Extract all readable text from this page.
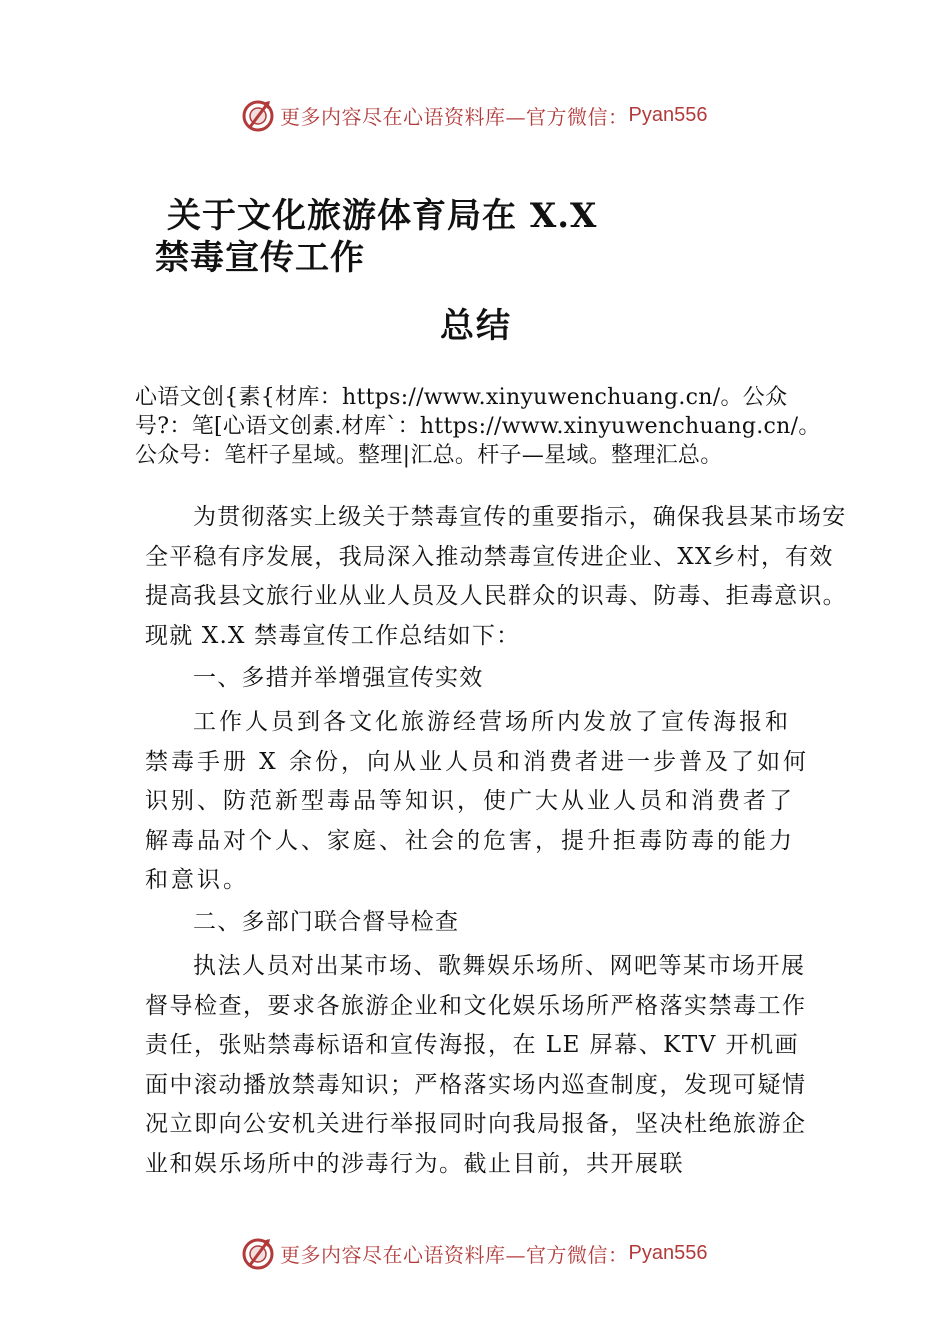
更多内容尽在心语资料库—官方微信： Pyan556
关于文化旅游体育局在 X.X
禁毒宣传工作
总结
心语文创{素{材库：https://www.xinyuwenchuang.cn/。公众号?：笔[心语文创素.材库`：https://www.xinyuwenchuang.cn/。公众号：笔杆子星域。整理|汇总。杆子—星域。整理汇总。

为贯彻落实上级关于禁毒宣传的重要指示，确保我县某市场安全平稳有序发展，我局深入推动禁毒宣传进企业、XX乡村，有效提高我县文旅行业从业人员及人民群众的识毒、防毒、拒毒意识。现就 X.X 禁毒宣传工作总结如下：

一、多措并举增强宣传实效

工作人员到各文化旅游经营场所内发放了宣传海报和禁毒手册 X 余份，向从业人员和消费者进一步普及了如何识别、防范新型毒品等知识，使广大从业人员和消费者了解毒品对个人、家庭、社会的危害，提升拒毒防毒的能力和意识。

二、多部门联合督导检查

执法人员对出某市场、歌舞娱乐场所、网吧等某市场开展督导检查，要求各旅游企业和文化娱乐场所严格落实禁毒工作责任，张贴禁毒标语和宣传海报，在 LE 屏幕、KTV 开机画面中滚动播放禁毒知识；严格落实场内巡查制度，发现可疑情况立即向公安机关进行举报同时向我局报备，坚决杜绝旅游企业和娱乐场所中的涉毒行为。截止目前，共开展联

更多内容尽在心语资料库—官方微信： Pyan556
